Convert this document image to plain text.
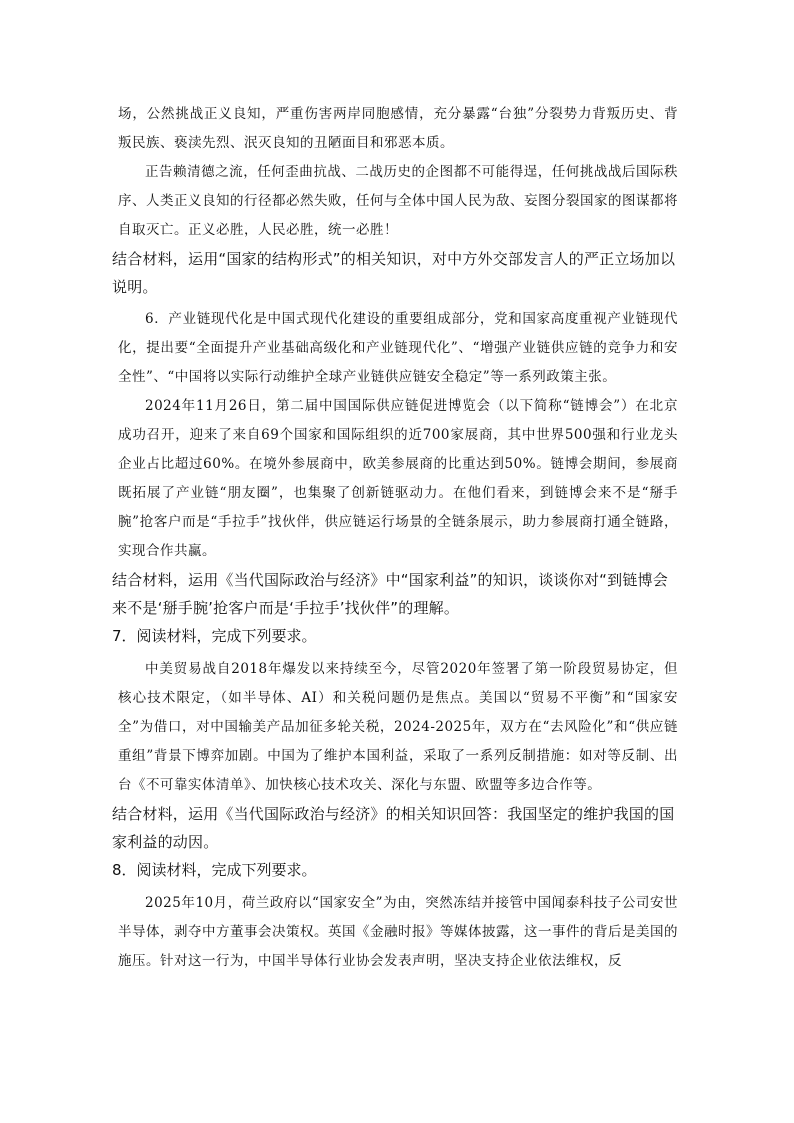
场，公然挑战正义良知，严重伤害两岸同胞感情，充分暴露“台独”分裂势力背叛历史、背叛民族、亵渎先烈、泯灭良知的丑陋面目和邪恶本质。

正告赖清德之流，任何歪曲抗战、二战历史的企图都不可能得逞，任何挑战战后国际秩序、人类正义良知的行径都必然失败，任何与全体中国人民为敌、妄图分裂国家的图谋都将自取灭亡。正义必胜，人民必胜，统一必胜！

结合材料，运用“国家的结构形式”的相关知识，对中方外交部发言人的严正立场加以说明。

6．产业链现代化是中国式现代化建设的重要组成部分，党和国家高度重视产业链现代化，提出要“全面提升产业基础高级化和产业链现代化”、“增强产业链供应链的竞争力和安全性”、“中国将以实际行动维护全球产业链供应链安全稳定”等一系列政策主张。

2024年11月26日，第二届中国国际供应链促进博览会（以下简称“链博会”）在北京成功召开，迎来了来自69个国家和国际组织的近700家展商，其中世界500强和行业龙头企业占比超过60%。在境外参展商中，欧美参展商的比重达到50%。链博会期间，参展商既拓展了产业链“朋友圈”，也集聚了创新链驱动力。在他们看来，到链博会来不是“掰手腕”抢客户而是“手拉手”找伙伴，供应链运行场景的全链条展示，助力参展商打通全链路，实现合作共赢。

结合材料，运用《当代国际政治与经济》中“国家利益”的知识，谈谈你对“到链博会来不是‘掰手腕’抢客户而是‘手拉手’找伙伴”的理解。

7．阅读材料，完成下列要求。

中美贸易战自2018年爆发以来持续至今，尽管2020年签署了第一阶段贸易协定，但核心技术限定，（如半导体、AI）和关税问题仍是焦点。美国以“贸易不平衡”和“国家安全”为借口，对中国输美产品加征多轮关税，2024-2025年，双方在“去风险化”和“供应链重组”背景下博弈加剧。中国为了维护本国利益，采取了一系列反制措施：如对等反制、出台《不可靠实体清单》、加快核心技术攻关、深化与东盟、欧盟等多边合作等。

结合材料，运用《当代国际政治与经济》的相关知识回答：我国坚定的维护我国的国家利益的动因。

8．阅读材料，完成下列要求。

2025年10月，荷兰政府以“国家安全”为由，突然冻结并接管中国闻泰科技子公司安世半导体，剥夺中方董事会决策权。英国《金融时报》等媒体披露，这一事件的背后是美国的施压。针对这一行为，中国半导体行业协会发表声明，坚决支持企业依法维权，反
